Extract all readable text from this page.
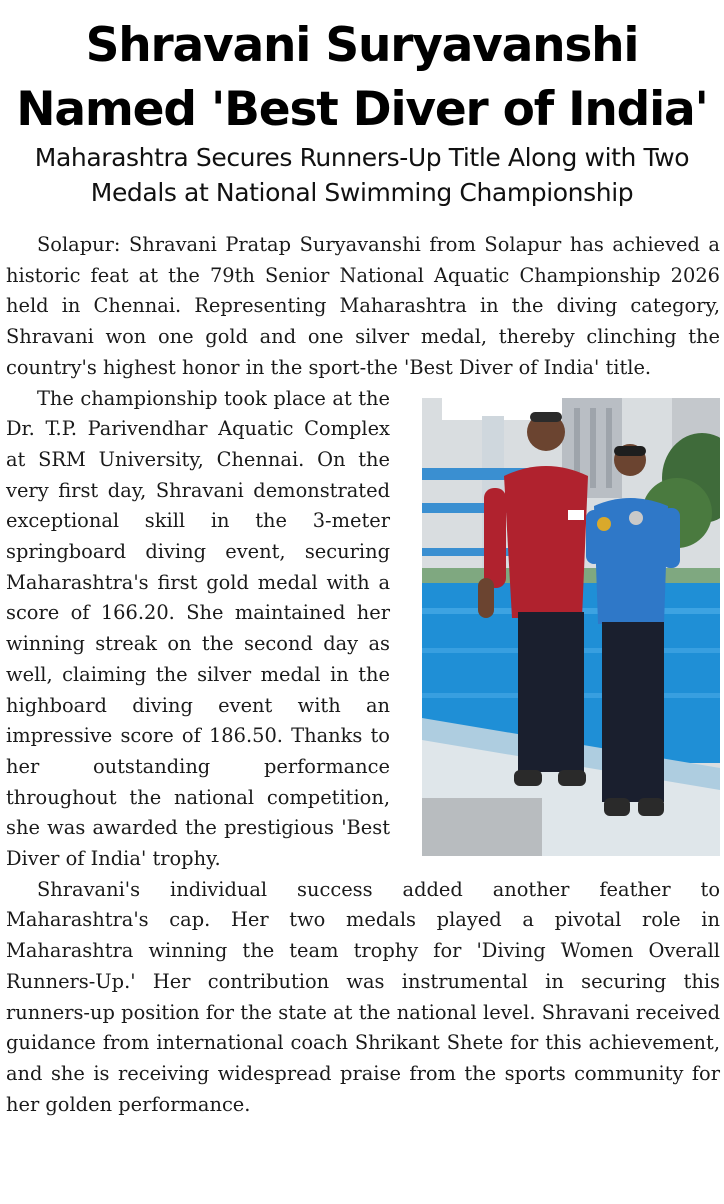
Shravani Suryavanshi Named 'Best Diver of India'
Maharashtra Secures Runners-Up Title Along with Two Medals at National Swimming Championship

Solapur: Shravani Pratap Suryavanshi from Solapur has achieved a historic feat at the 79th Senior National Aquatic Championship 2026 held in Chennai. Representing Maharashtra in the diving category, Shravani won one gold and one silver medal, thereby clinching the country's highest honor in the sport-the 'Best Diver of India' title.

The championship took place at the Dr. T.P. Parivendhar Aquatic Complex at SRM University, Chennai. On the very first day, Shravani demonstrated exceptional skill in the 3-meter springboard diving event, securing Maharashtra's first gold medal with a score of 166.20. She maintained her winning streak on the second day as well, claiming the silver medal in the highboard diving event with an impressive score of 186.50. Thanks to her outstanding performance throughout the national competition, she was awarded the prestigious 'Best Diver of India' trophy.

Shravani's individual success added another feather to Maharashtra's cap. Her two medals played a pivotal role in Maharashtra winning the team trophy for 'Diving Women Overall Runners-Up.' Her contribution was instrumental in securing this runners-up position for the state at the national level. Shravani received guidance from international coach Shrikant Shete for this achievement, and she is receiving widespread praise from the sports community for her golden performance.
